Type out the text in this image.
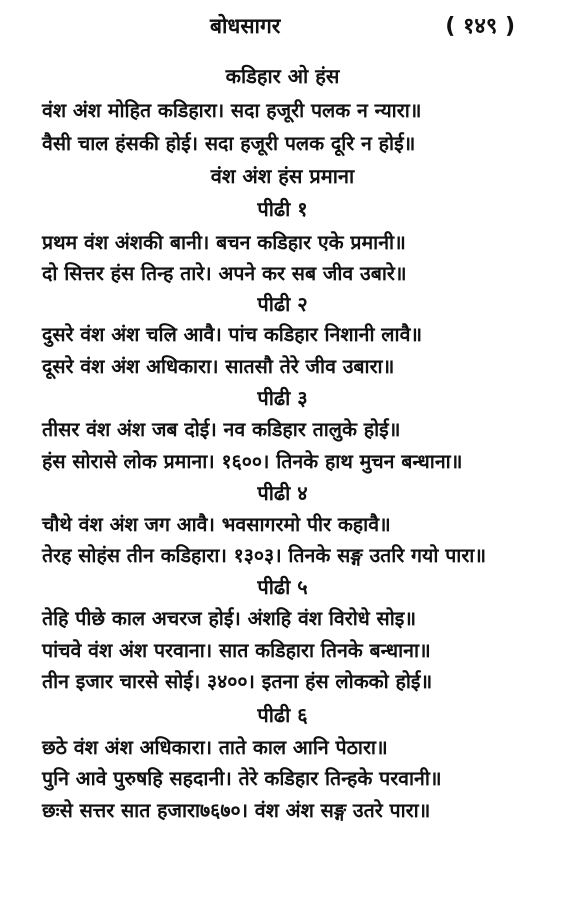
बोधसागर	( १४९ )
कडिहार ओ हंस
वंश अंश मोहित कडिहारा। सदा हजूरी पलक न न्यारा॥
वैसी चाल हंसकी होई। सदा हजूरी पलक दूरि न होई॥
वंश अंश हंस प्रमाना
पीढी १
प्रथम वंश अंशकी बानी। बचन कडिहार एके प्रमानी॥
दो सित्तर हंस तिन्ह तारे। अपने कर सब जीव उबारे॥
पीढी २
दुसरे वंश अंश चलि आवै। पांच कडिहार निशानी लावै॥
दूसरे वंश अंश अधिकारा। सातसौ तेरे जीव उबारा॥
पीढी ३
तीसर वंश अंश जब दोई। नव कडिहार तालुके होई॥
हंस सोरासे लोक प्रमाना। १६००। तिनके हाथ मुचन बन्धाना॥
पीढी ४
चौथे वंश अंश जग आवै। भवसागरमो पीर कहावै॥
तेरह सोहंस तीन कडिहारा। १३०३। तिनके सङ्ग उतरि गयो पारा॥
पीढी ५
तेहि पीछे काल अचरज होई। अंशहि वंश विरोधे सोइ॥
पांचवे वंश अंश परवाना। सात कडिहारा तिनके बन्धाना॥
तीन इजार चारसे सोई। ३४००। इतना हंस लोकको होई॥
पीढी ६
छठे वंश अंश अधिकारा। ताते काल आनि पेठारा॥
पुनि आवे पुरुषहि सहदानी। तेरे कडिहार तिन्हके परवानी॥
छःसे सत्तर सात हजारा७६७०। वंश अंश सङ्ग उतरे पारा॥
